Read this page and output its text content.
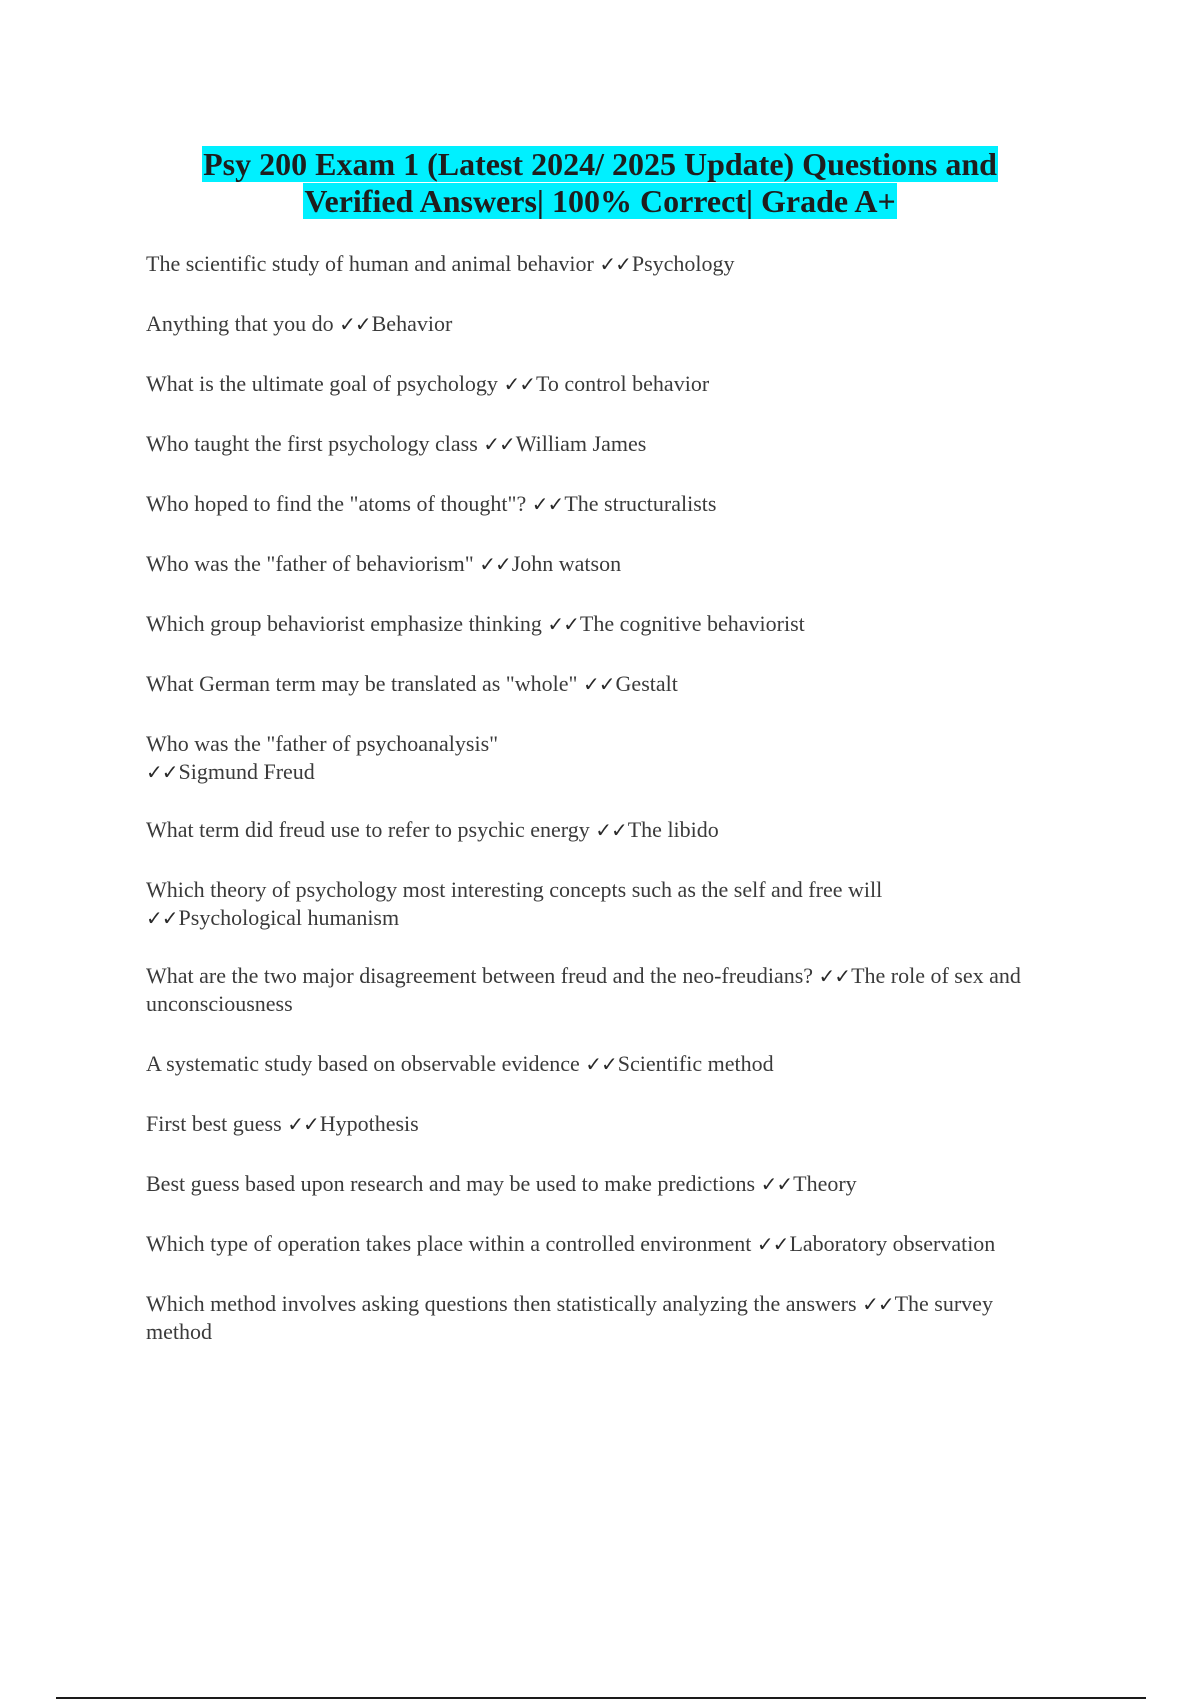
Psy 200 Exam 1 (Latest 2024/ 2025 Update) Questions and
Verified Answers| 100% Correct| Grade A+
The scientific study of human and animal behavior ✓✓Psychology
Anything that you do ✓✓Behavior
What is the ultimate goal of psychology ✓✓To control behavior
Who taught the first psychology class ✓✓William James
Who hoped to find the "atoms of thought"? ✓✓The structuralists
Who was the "father of behaviorism" ✓✓John watson
Which group behaviorist emphasize thinking ✓✓The cognitive behaviorist
What German term may be translated as "whole" ✓✓Gestalt
Who was the "father of psychoanalysis" ✓✓Sigmund Freud
What term did freud use to refer to psychic energy ✓✓The libido
Which theory of psychology most interesting concepts such as the self and free will ✓✓Psychological humanism
What are the two major disagreement between freud and the neo-freudians? ✓✓The role of sex and unconsciousness
A systematic study based on observable evidence ✓✓Scientific method
First best guess ✓✓Hypothesis
Best guess based upon research and may be used to make predictions ✓✓Theory
Which type of operation takes place within a controlled environment ✓✓Laboratory observation
Which method involves asking questions then statistically analyzing the answers ✓✓The survey method
